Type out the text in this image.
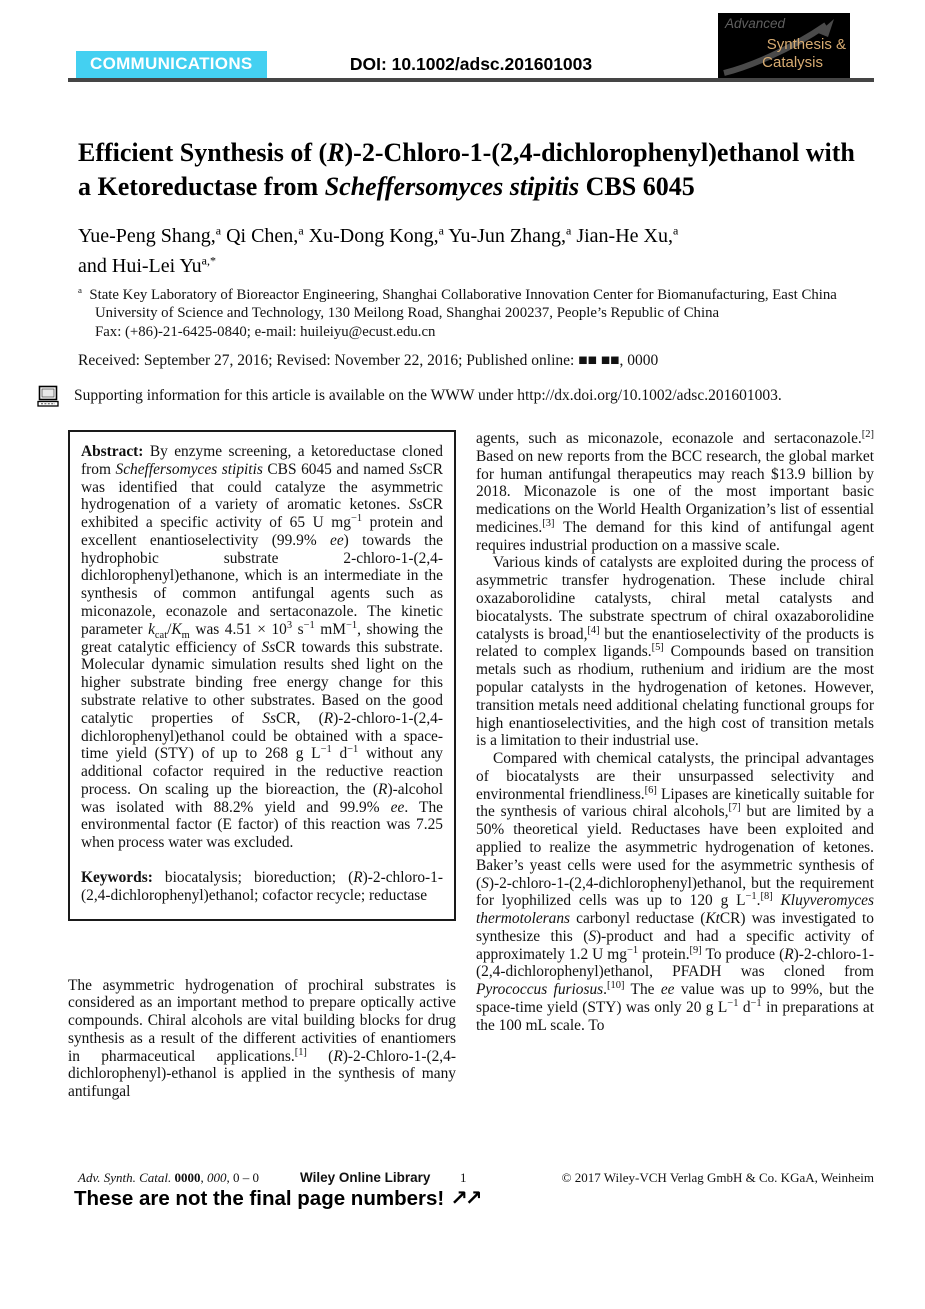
COMMUNICATIONS	DOI: 10.1002/adsc.201601003
Advanced
Synthesis &
Catalysis
Efficient Synthesis of (R)-2-Chloro-1-(2,4-dichlorophenyl)ethanol with a Ketoreductase from Scheffersomyces stipitis CBS 6045
Yue-Peng Shang,$^a$ Qi Chen,$^a$ Xu-Dong Kong,$^a$ Yu-Jun Zhang,$^a$ Jian-He Xu,$^a$
and Hui-Lei $Yu^{a,*}$
$^a$  State Key Laboratory of Bioreactor Engineering, Shanghai Collaborative Innovation Center for Biomanufacturing, East China University of Science and Technology, 130 Meilong Road, Shanghai 200237, People’s Republic of China
Fax: (+86)-21-6425-0840; e-mail: huileiyu@ecust.edu.cn
Received: September 27, 2016; Revised: November 22, 2016; Published online: ■■ ■■, 0000
Supporting information for this article is available on the WWW under http://dx.doi.org/10.1002/adsc.201601003.

Abstract: By enzyme screening, a ketoreductase cloned from Scheffersomyces stipitis CBS 6045 and named SsCR was identified that could catalyze the asymmetric hydrogenation of a variety of aromatic ketones. SsCR exhibited a specific activity of 65 U $mg^{-1}$ protein and excellent enantioselectivity (99.9% ee) towards the hydrophobic substrate 2-chloro-1-(2,4-dichlorophenyl)ethanone, which is an intermediate in the synthesis of common antifungal agents such as miconazole, econazole and sertaconazole. The kinetic parameter $k_{cat}/K_m$ was $4.51 \times 10^3$ $s^{-1}$ $mM^{-1}$, showing the great catalytic efficiency of SsCR towards this substrate. Molecular dynamic simulation results shed light on the higher substrate binding free energy change for this substrate relative to other substrates. Based on the good catalytic properties of SsCR, (R)-2-chloro-1-(2,4-dichlorophenyl)ethanol could be obtained with a space-time yield (STY) of up to 268 g $L^{-1}$ $d^{-1}$ without any additional cofactor required in the reductive reaction process. On scaling up the bioreaction, the (R)-alcohol was isolated with 88.2% yield and 99.9% ee. The environmental factor (E factor) of this reaction was 7.25 when process water was excluded.

Keywords: biocatalysis; bioreduction; (R)-2-chloro-1-(2,4-dichlorophenyl)ethanol; cofactor recycle; reductase

The asymmetric hydrogenation of prochiral substrates is considered as an important method to prepare optically active compounds. Chiral alcohols are vital building blocks for drug synthesis as a result of the different activities of enantiomers in pharmaceutical applications.[1] (R)-2-Chloro-1-(2,4-dichlorophenyl)-ethanol is applied in the synthesis of many antifungal

agents, such as miconazole, econazole and sertaconazole.[2] Based on new reports from the BCC research, the global market for human antifungal therapeutics may reach $13.9 billion by 2018. Miconazole is one of the most important basic medications on the World Health Organization’s list of essential medicines.[3] The demand for this kind of antifungal agent requires industrial production on a massive scale.

Various kinds of catalysts are exploited during the process of asymmetric transfer hydrogenation. These include chiral oxazaborolidine catalysts, chiral metal catalysts and biocatalysts. The substrate spectrum of chiral oxazaborolidine catalysts is broad,[4] but the enantioselectivity of the products is related to complex ligands.[5] Compounds based on transition metals such as rhodium, ruthenium and iridium are the most popular catalysts in the hydrogenation of ketones. However, transition metals need additional chelating functional groups for high enantioselectivities, and the high cost of transition metals is a limitation to their industrial use.

Compared with chemical catalysts, the principal advantages of biocatalysts are their unsurpassed selectivity and environmental friendliness.[6] Lipases are kinetically suitable for the synthesis of various chiral alcohols,[7] but are limited by a 50% theoretical yield. Reductases have been exploited and applied to realize the asymmetric hydrogenation of ketones. Baker’s yeast cells were used for the asymmetric synthesis of (S)-2-chloro-1-(2,4-dichlorophenyl)ethanol, but the requirement for lyophilized cells was up to 120 g $L^{-1}.[8]$ Kluyveromyces thermotolerans carbonyl reductase (KtCR) was investigated to synthesize this (S)-product and had a specific activity of approximately 1.2 U $mg^{-1}$ protein.[9] To produce (R)-2-chloro-1-(2,4-dichlorophenyl)ethanol, PFADH was cloned from Pyrococcus furiosus.[10] The ee value was up to 99%, but the space-time yield (STY) was only 20 g $L^{-1}$ $d^{-1}$ in preparations at the 100 mL scale. To

Adv. Synth. Catal. 0000, 000, 0 – 0	Wiley Online Library 1	© 2017 Wiley-VCH Verlag GmbH & Co. KGaA, Weinheim
These are not the final page numbers! ↗↗
